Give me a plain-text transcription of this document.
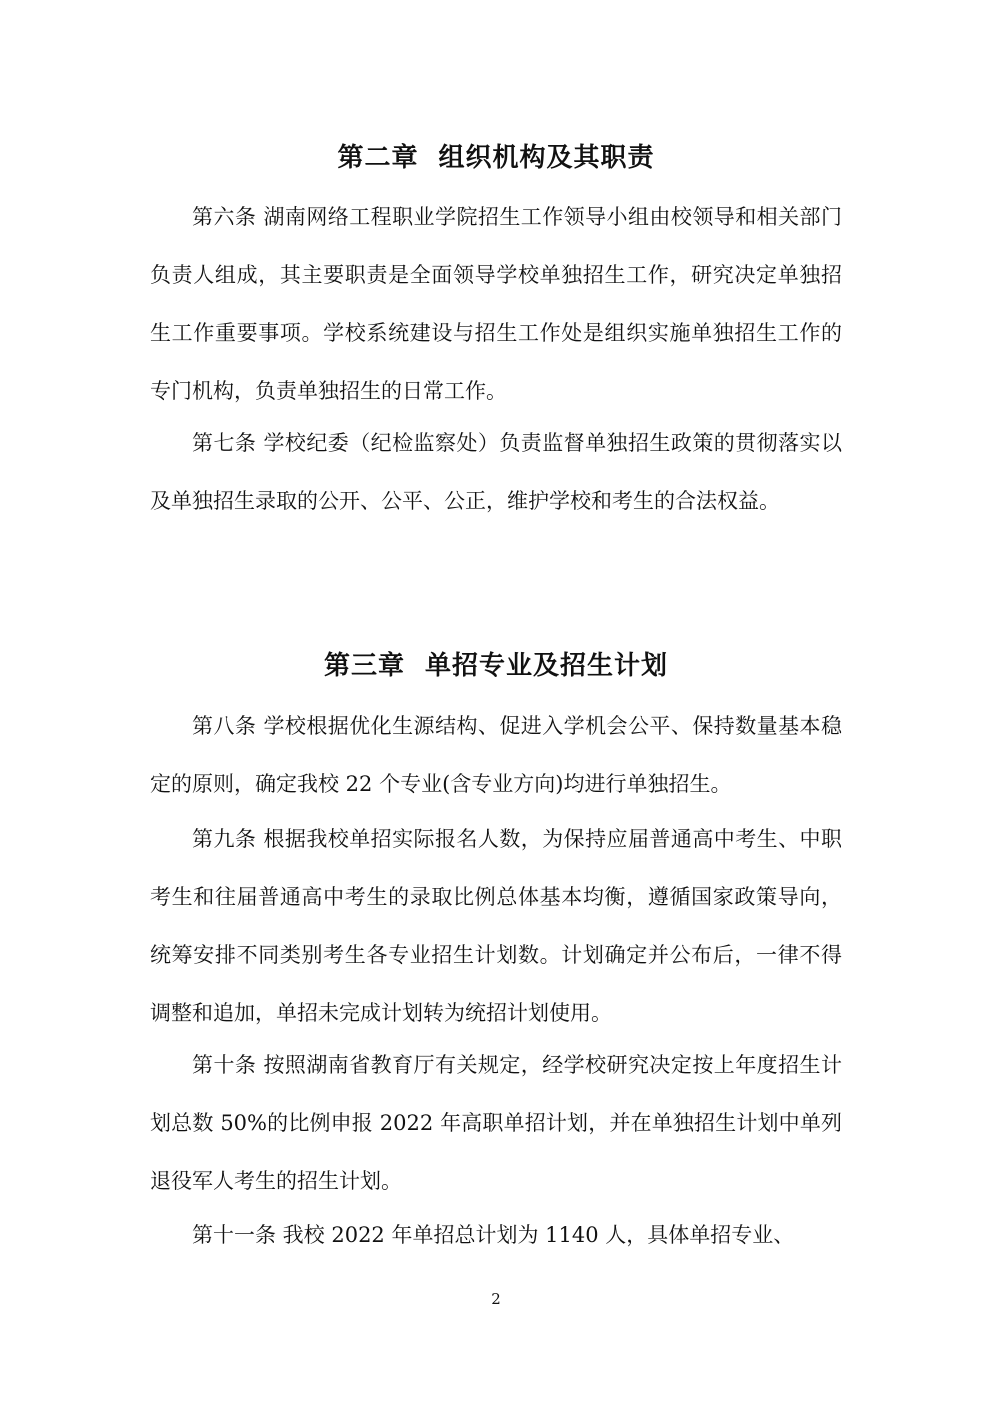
第二章  组织机构及其职责

第六条 湖南网络工程职业学院招生工作领导小组由校领导和相关部门负责人组成，其主要职责是全面领导学校单独招生工作，研究决定单独招生工作重要事项。学校系统建设与招生工作处是组织实施单独招生工作的专门机构，负责单独招生的日常工作。

第七条 学校纪委（纪检监察处）负责监督单独招生政策的贯彻落实以及单独招生录取的公开、公平、公正，维护学校和考生的合法权益。

第三章  单招专业及招生计划

第八条 学校根据优化生源结构、促进入学机会公平、保持数量基本稳定的原则，确定我校 22 个专业(含专业方向)均进行单独招生。

第九条 根据我校单招实际报名人数，为保持应届普通高中考生、中职考生和往届普通高中考生的录取比例总体基本均衡，遵循国家政策导向，统筹安排不同类别考生各专业招生计划数。计划确定并公布后，一律不得调整和追加，单招未完成计划转为统招计划使用。

第十条 按照湖南省教育厅有关规定，经学校研究决定按上年度招生计划总数 50%的比例申报 2022 年高职单招计划，并在单独招生计划中单列退役军人考生的招生计划。

第十一条 我校 2022 年单招总计划为 1140 人，具体单招专业、

2
